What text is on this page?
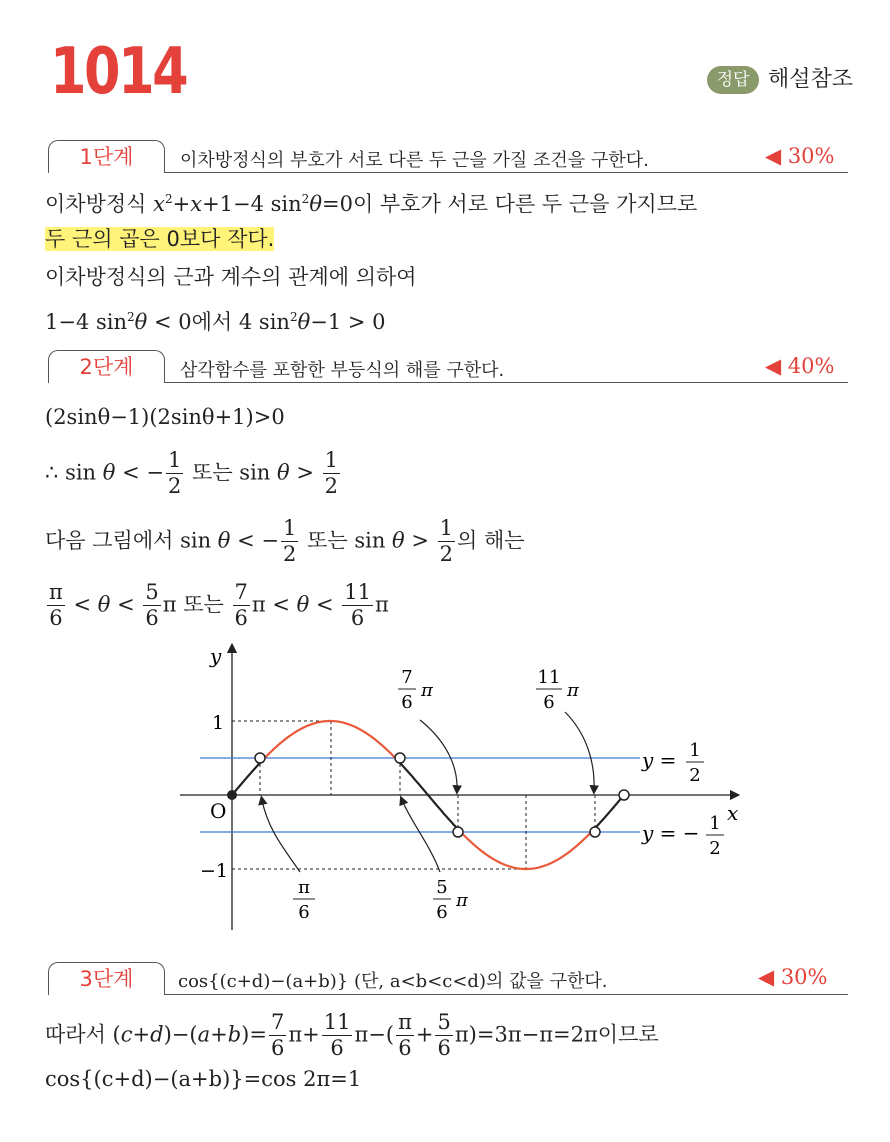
1014	정답 해설참조
1단계	이차방정식의 부호가 서로 다른 두 근을 가질 조건을 구한다.	◀ 30%
이차방정식 $x^2+x+1-4$ $\sin^2\theta=0$이 부호가 서로 다른 두 근을 가지므로
두 근의 곱은 0보다 작다.
이차방정식의 근과 계수의 관계에 의하여
1−4 $\sin^2\theta < 0$에서 4 $\sin^2\theta-1 > 0$
2단계	삼각함수를 포함한 부등식의 해를 구한다.	◀ 40%
(2sinθ−1)(2sinθ+1)>0
∴ sin θ < − $\frac{1}{2}$ 또는 $\sin \theta > \frac{1}{2}$
다음 그림에서 sin θ < − $\frac{1}{2}$ 또는 $\sin \theta > \frac{1}{2}$ 의 해는
$\frac{\pi}{6} < \theta < \frac{5}{6}$ π 또는 $\frac{7}{6}$ $\pi < \theta < \frac{11}{6}$ π
y
x
O
1
−1
y = 1
2
y = − 1
2
π
6
5
6
π
7
6
π
11
6
π
3단계	cos{(c+d)−(a+b)} (단, a<b<c<d)의 값을 구한다.	◀ 30%
따라서 $(c+d)-(a+b)= \frac{7}{6} \pi+ \frac{11}{6} \pi-( \frac{\pi}{6} + \frac{5}{6} \pi)=3\pi-\pi=2\pi$이므로
cos{(c+d)−(a+b)}=cos 2π=1
